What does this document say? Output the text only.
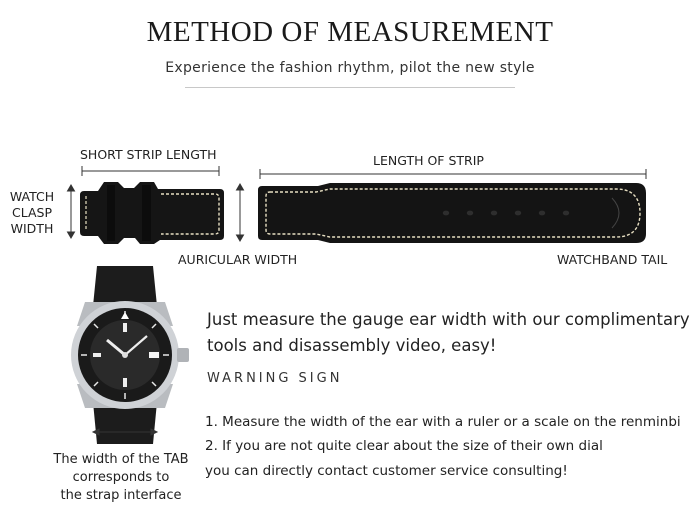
METHOD OF MEASUREMENT
Experience the fashion rhythm, pilot the new style
SHORT STRIP LENGTH	LENGTH OF STRIP
WATCH
CLASP
WIDTH
AURICULAR WIDTH	WATCHBAND TAIL
The width of the TAB
corresponds to
the strap interface
Just measure the gauge ear width with our complimentary
tools and disassembly video, easy!
WARNING SIGN
1. Measure the width of the ear with a ruler or a scale on the renminbi
2. If you are not quite clear about the size of their own dial
you can directly contact customer service consulting!
